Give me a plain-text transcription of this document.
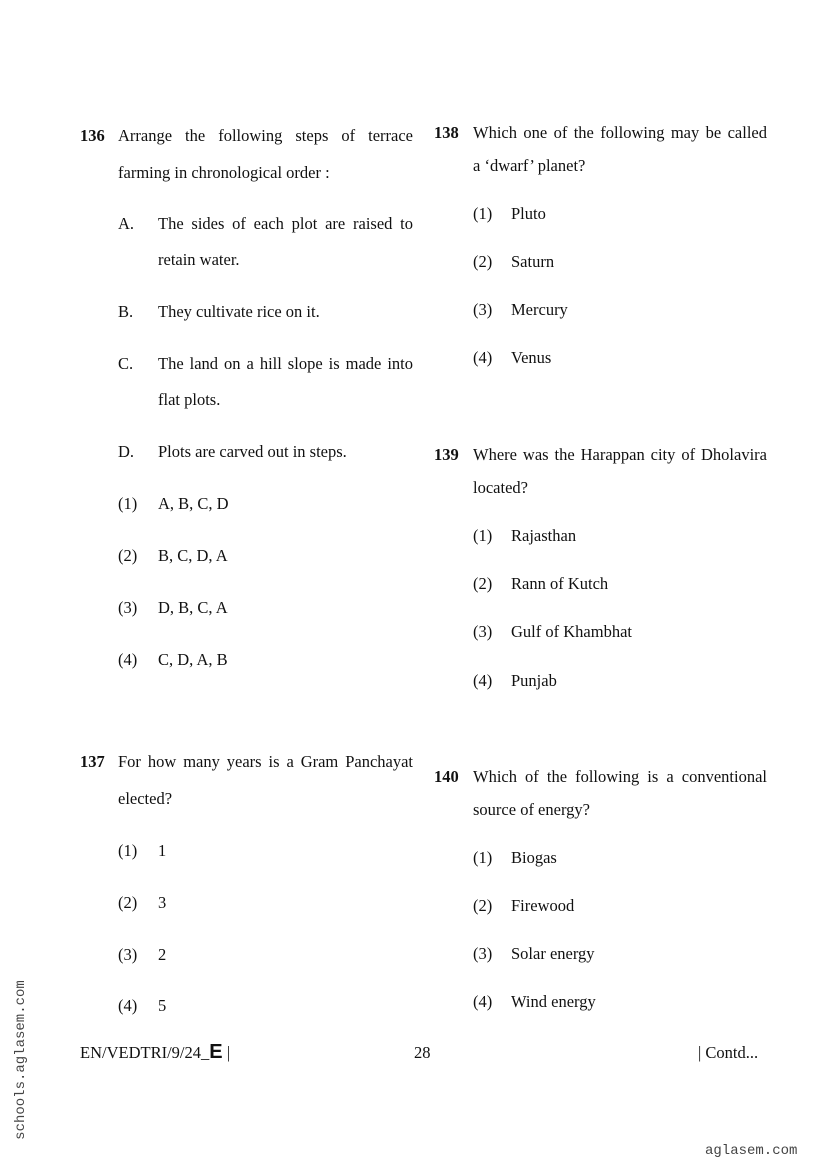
136 Arrange the following steps of terrace
farming in chronological order :
A. The sides of each plot are raised to
retain water.
B. They cultivate rice on it.
C. The land on a hill slope is made into
flat plots.
D. Plots are carved out in steps.
(1) A, B, C, D
(2) B, C, D, A
(3) D, B, C, A
(4) C, D, A, B
137 For how many years is a Gram Panchayat
elected?
(1) 1
(2) 3
(3) 2
(4) 5
138 Which one of the following may be called
a ‘dwarf’ planet?
(1) Pluto
(2) Saturn
(3) Mercury
(4) Venus
139 Where was the Harappan city of Dholavira
located?
(1) Rajasthan
(2) Rann of Kutch
(3) Gulf of Khambhat
(4) Punjab
140 Which of the following is a conventional
source of energy?
(1) Biogas
(2) Firewood
(3) Solar energy
(4) Wind energy
EN/VEDTRI/9/24_E |	28	| Contd...
schools.aglasem.com
aglasem.com
